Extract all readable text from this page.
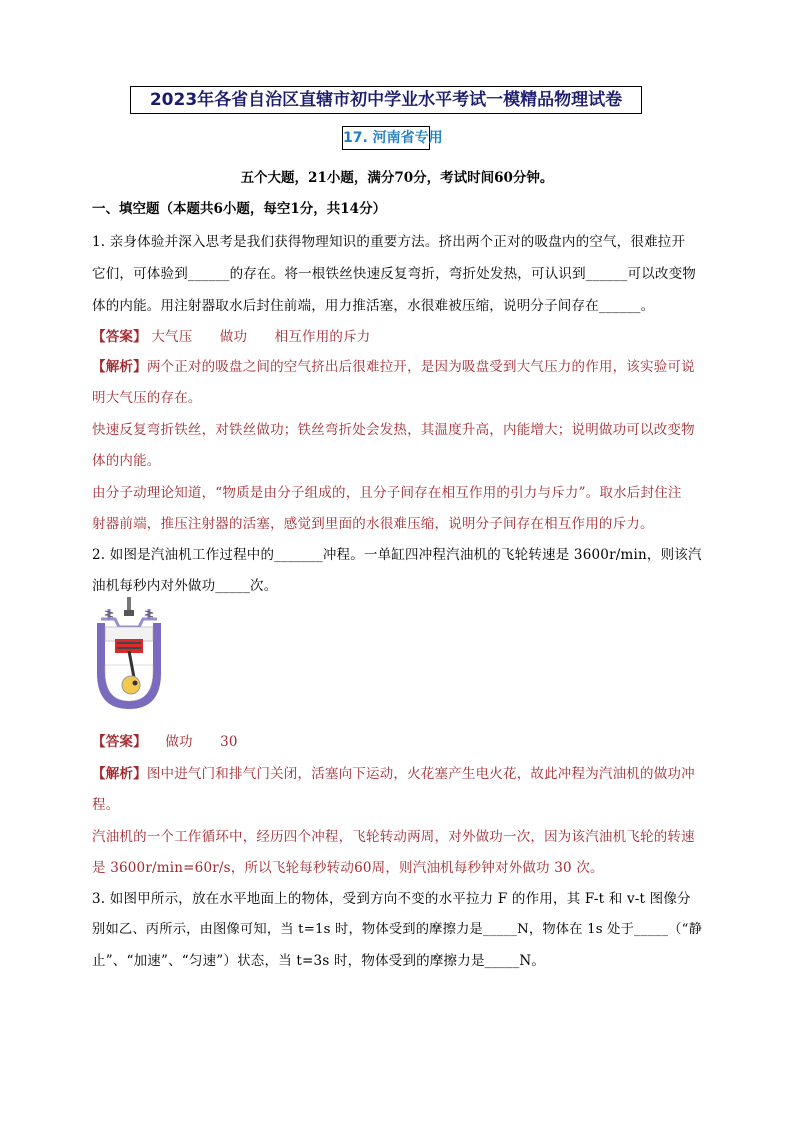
2023年各省自治区直辖市初中学业水平考试一模精品物理试卷
17. 河南省专用
五个大题，21小题，满分70分，考试时间60分钟。
一、填空题（本题共6小题，每空1分，共14分）
1. 亲身体验并深入思考是我们获得物理知识的重要方法。挤出两个正对的吸盘内的空气，很难拉开
它们，可体验到______的存在。将一根铁丝快速反复弯折，弯折处发热，可认识到______可以改变物
体的内能。用注射器取水后封住前端，用力推活塞，水很难被压缩，说明分子间存在______。
【答案】 大气压　　做功　　相互作用的斥力
【解析】两个正对的吸盘之间的空气挤出后很难拉开，是因为吸盘受到大气压力的作用，该实验可说
明大气压的存在。
快速反复弯折铁丝，对铁丝做功；铁丝弯折处会发热，其温度升高，内能增大；说明做功可以改变物
体的内能。
由分子动理论知道，“物质是由分子组成的，且分子间存在相互作用的引力与斥力”。取水后封住注
射器前端，推压注射器的活塞，感觉到里面的水很难压缩，说明分子间存在相互作用的斥力。
2. 如图是汽油机工作过程中的_______冲程。一单缸四冲程汽油机的飞轮转速是 3600r/min，则该汽
油机每秒内对外做功_____次。
【答案】 做功　　30
【解析】图中进气门和排气门关闭，活塞向下运动，火花塞产生电火花，故此冲程为汽油机的做功冲
程。
汽油机的一个工作循环中，经历四个冲程，飞轮转动两周，对外做功一次，因为该汽油机飞轮的转速
是 3600r/min=60r/s，所以飞轮每秒转动60周，则汽油机每秒钟对外做功 30 次。
3. 如图甲所示，放在水平地面上的物体，受到方向不变的水平拉力 F 的作用，其 F-t 和 v-t 图像分
别如乙、丙所示，由图像可知，当 t=1s 时，物体受到的摩擦力是_____N，物体在 1s 处于_____（“静
止”、“加速”、“匀速”）状态，当 t=3s 时，物体受到的摩擦力是_____N。
